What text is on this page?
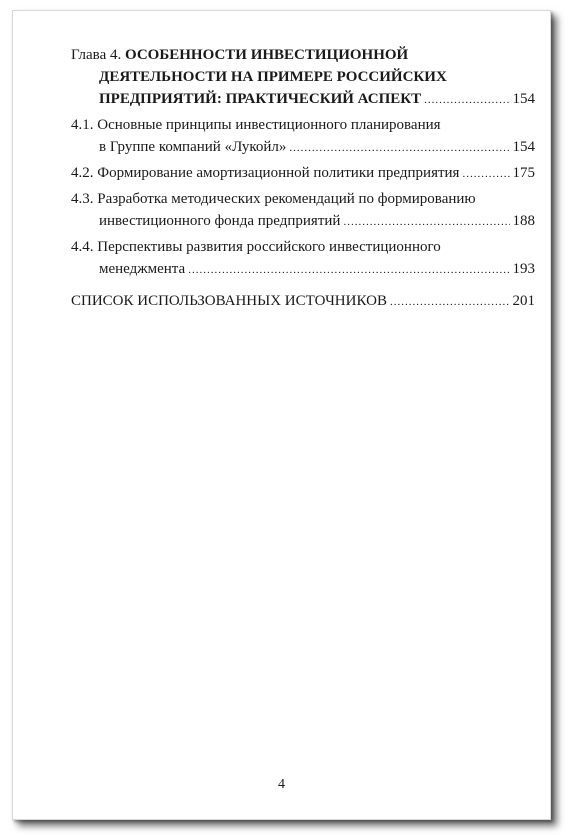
Глава 4. ОСОБЕННОСТИ ИНВЕСТИЦИОННОЙ
ДЕЯТЕЛЬНОСТИ НА ПРИМЕРЕ РОССИЙСКИХ
ПРЕДПРИЯТИЙ: ПРАКТИЧЕСКИЙ АСПЕКТ .....	154
4.1. Основные принципы инвестиционного планирования
в Группе компаний «Лукойл» .....	154
4.2. Формирование амортизационной политики предприятия .....	175
4.3. Разработка методических рекомендаций по формированию
инвестиционного фонда предприятий .....	188
4.4. Перспективы развития российского инвестиционного
менеджмента .....	193
СПИСОК ИСПОЛЬЗОВАННЫХ ИСТОЧНИКОВ .....	201
4
